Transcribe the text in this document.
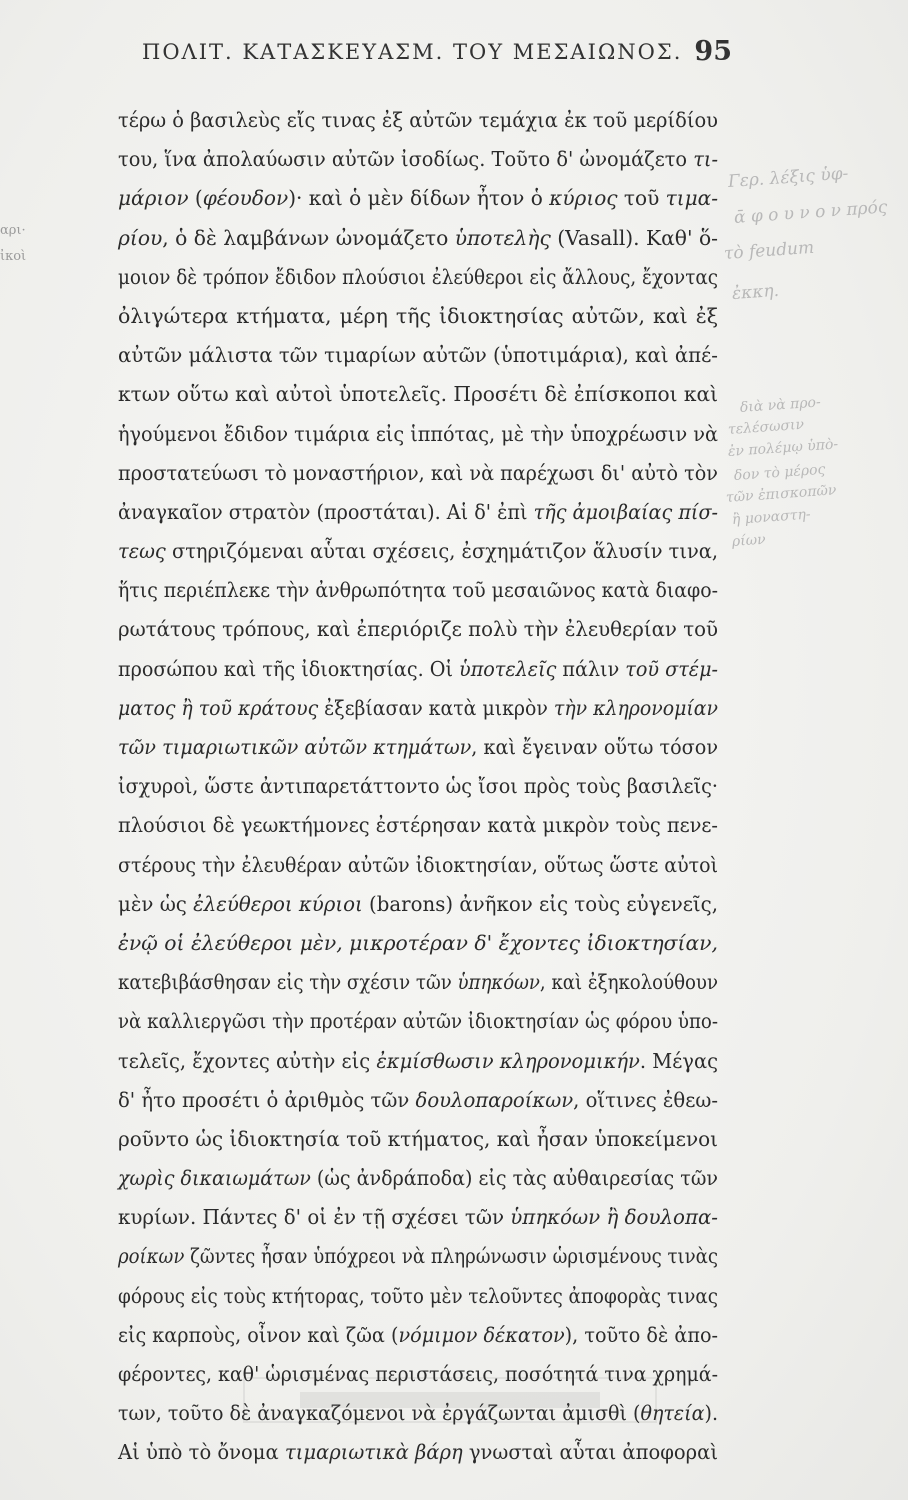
ΠΟΛΙΤ. ΚΑΤΑΣΚΕΥΑΣΜ. ΤΟΥ ΜΕΣΑΙΩΝΟΣ. 95
αρι·
ἰκοὶ
τέρω ὁ βασιλεὺς εἴς τινας ἐξ αὐτῶν τεμάχια ἐκ τοῦ μερίδίου
του, ἵνα ἀπολαύωσιν αὐτῶν ἰσοδίως. Τοῦτο δ' ὠνομάζετο τι-
μάριον (φέουδον)· καὶ ὁ μὲν δίδων ἦτον ὁ κύριος τοῦ τιμα-
ρίου, ὁ δὲ λαμβάνων ὠνομάζετο ὑποτελὴς (Vasall). Καθ' ὅ-
μοιον δὲ τρόπον ἔδιδον πλούσιοι ἐλεύθεροι εἰς ἄλλους, ἔχοντας
ὀλιγώτερα κτήματα, μέρη τῆς ἰδιοκτησίας αὐτῶν, καὶ ἐξ
αὐτῶν μάλιστα τῶν τιμαρίων αὐτῶν (ὑποτιμάρια), καὶ ἀπέ-
κτων οὕτω καὶ αὐτοὶ ὑποτελεῖς. Προσέτι δὲ ἐπίσκοποι καὶ
ἡγούμενοι ἔδιδον τιμάρια εἰς ἱππότας, μὲ τὴν ὑποχρέωσιν νὰ
προστατεύωσι τὸ μοναστήριον, καὶ νὰ παρέχωσι δι' αὐτὸ τὸν
ἀναγκαῖον στρατὸν (προστάται). Αἱ δ' ἐπὶ τῆς ἀμοιβαίας πίσ-
τεως στηριζόμεναι αὗται σχέσεις, ἐσχημάτιζον ἅλυσίν τινα,
ἥτις περιέπλεκε τὴν ἀνθρωπότητα τοῦ μεσαιῶνος κατὰ διαφο-
ρωτάτους τρόπους, καὶ ἐπεριόριζε πολὺ τὴν ἐλευθερίαν τοῦ
προσώπου καὶ τῆς ἰδιοκτησίας. Οἱ ὑποτελεῖς πάλιν τοῦ στέμ-
ματος ἢ τοῦ κράτους ἐξεβίασαν κατὰ μικρὸν τὴν κληρονομίαν
τῶν τιμαριωτικῶν αὐτῶν κτημάτων, καὶ ἔγειναν οὕτω τόσον
ἰσχυροὶ, ὥστε ἀντιπαρετάττοντο ὡς ἴσοι πρὸς τοὺς βασιλεῖς·
πλούσιοι δὲ γεωκτήμονες ἐστέρησαν κατὰ μικρὸν τοὺς πενε-
στέρους τὴν ἐλευθέραν αὐτῶν ἰδιοκτησίαν, οὕτως ὥστε αὐτοὶ
μὲν ὡς ἐλεύθεροι κύριοι (barons) ἀνῆκον εἰς τοὺς εὐγενεῖς,
ἐνῷ οἱ ἐλεύθεροι μὲν, μικροτέραν δ' ἔχοντες ἰδιοκτησίαν,
κατεβιβάσθησαν εἰς τὴν σχέσιν τῶν ὑπηκόων, καὶ ἐξηκολούθουν
νὰ καλλιεργῶσι τὴν προτέραν αὐτῶν ἰδιοκτησίαν ὡς φόρου ὑπο-
τελεῖς, ἔχοντες αὐτὴν εἰς ἐκμίσθωσιν κληρονομικήν. Μέγας
δ' ἦτο προσέτι ὁ ἀριθμὸς τῶν δουλοπαροίκων, οἵτινες ἐθεω-
ροῦντο ὡς ἰδιοκτησία τοῦ κτήματος, καὶ ἦσαν ὑποκείμενοι
χωρὶς δικαιωμάτων (ὡς ἀνδράποδα) εἰς τὰς αὐθαιρεσίας τῶν
κυρίων. Πάντες δ' οἱ ἐν τῇ σχέσει τῶν ὑπηκόων ἢ δουλοπα-
ροίκων ζῶντες ἦσαν ὑπόχρεοι νὰ πληρώνωσιν ὡρισμένους τινὰς
φόρους εἰς τοὺς κτήτορας, τοῦτο μὲν τελοῦντες ἀποφορὰς τινας
εἰς καρποὺς, οἶνον καὶ ζῶα (νόμιμον δέκατον), τοῦτο δὲ ἀπο-
φέροντες, καθ' ὡρισμένας περιστάσεις, ποσότητά τινα χρημά-
των, τοῦτο δὲ ἀναγκαζόμενοι νὰ ἐργάζωνται ἀμισθὶ (θητεία).
Αἱ ὑπὸ τὸ ὄνομα τιμαριωτικὰ βάρη γνωσταὶ αὗται ἀποφοραὶ
Γερ. λέξις ὑφ-
ᾱ φ ο υ ν ο ν πρός
τὸ feudum
ἐκκη.
διὰ νὰ προ-
τελέσωσιν
ἐν πολέμῳ ὑπὸ-
δον τὸ μέρος
τῶν ἐπισκοπῶν
ἢ μοναστη-
ρίων
